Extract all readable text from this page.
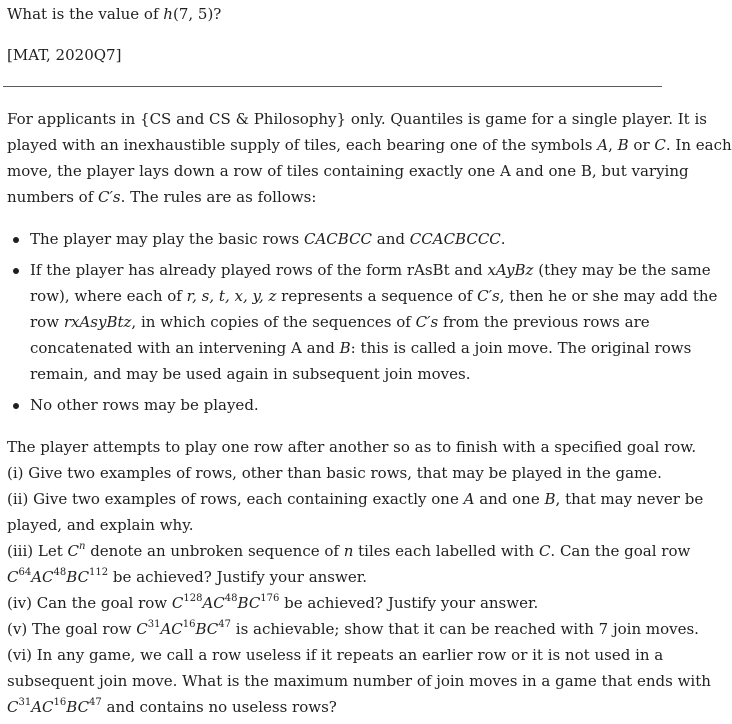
What is the value of h(7, 5)?
[MAT, 2020Q7]
For applicants in {CS and CS & Philosophy} only. Quantiles is game for a single player. It is
played with an inexhaustible supply of tiles, each bearing one of the symbols A, B or C. In each
move, the player lays down a row of tiles containing exactly one A and one B, but varying
numbers of C′s. The rules are as follows:
The player may play the basic rows CACBCC and CCACBCCC.
If the player has already played rows of the form rAsBt and xAyBz (they may be the same
row), where each of r, s, t, x, y, z represents a sequence of C′s, then he or she may add the
row rxAsyBtz, in which copies of the sequences of C′s from the previous rows are
concatenated with an intervening A and B: this is called a join move. The original rows
remain, and may be used again in subsequent join moves.
No other rows may be played.
The player attempts to play one row after another so as to finish with a specified goal row.
(i) Give two examples of rows, other than basic rows, that may be played in the game.
(ii) Give two examples of rows, each containing exactly one A and one B, that may never be
played, and explain why.
(iii) Let $C^n$ denote an unbroken sequence of n tiles each labelled with C. Can the goal row
$C^{64}AC^{48}BC^{112}$ be achieved? Justify your answer.
(iv) Can the goal row $C^{128}AC^{48}BC^{176}$ be achieved? Justify your answer.
(v) The goal row $C^{31}AC^{16}BC^{47}$ is achievable; show that it can be reached with 7 join moves.
(vi) In any game, we call a row useless if it repeats an earlier row or it is not used in a
subsequent join move. What is the maximum number of join moves in a game that ends with
$C^{31}AC^{16}BC^{47}$ and contains no useless rows?
